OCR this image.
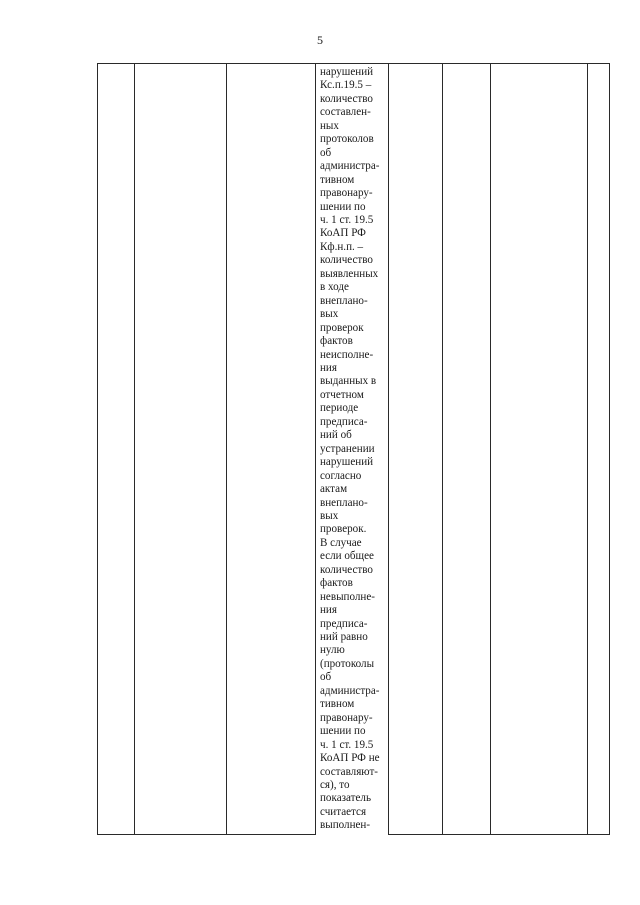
5

нарушений
Кс.п.19.5 –
количество
составлен-
ных
протоколов
об
администра-
тивном
правонару-
шении по
ч. 1 ст. 19.5
КоАП РФ
Кф.н.п. –
количество
выявленных
в ходе
внеплано-
вых
проверок
фактов
неисполне-
ния
выданных в
отчетном
периоде
предписа-
ний об
устранении
нарушений
согласно
актам
внеплано-
вых
проверок.
В случае
если общее
количество
фактов
невыполне-
ния
предписа-
ний равно
нулю
(протоколы
об
администра-
тивном
правонару-
шении по
ч. 1 ст. 19.5
КоАП РФ не
составляют-
ся), то
показатель
считается
выполнен-
